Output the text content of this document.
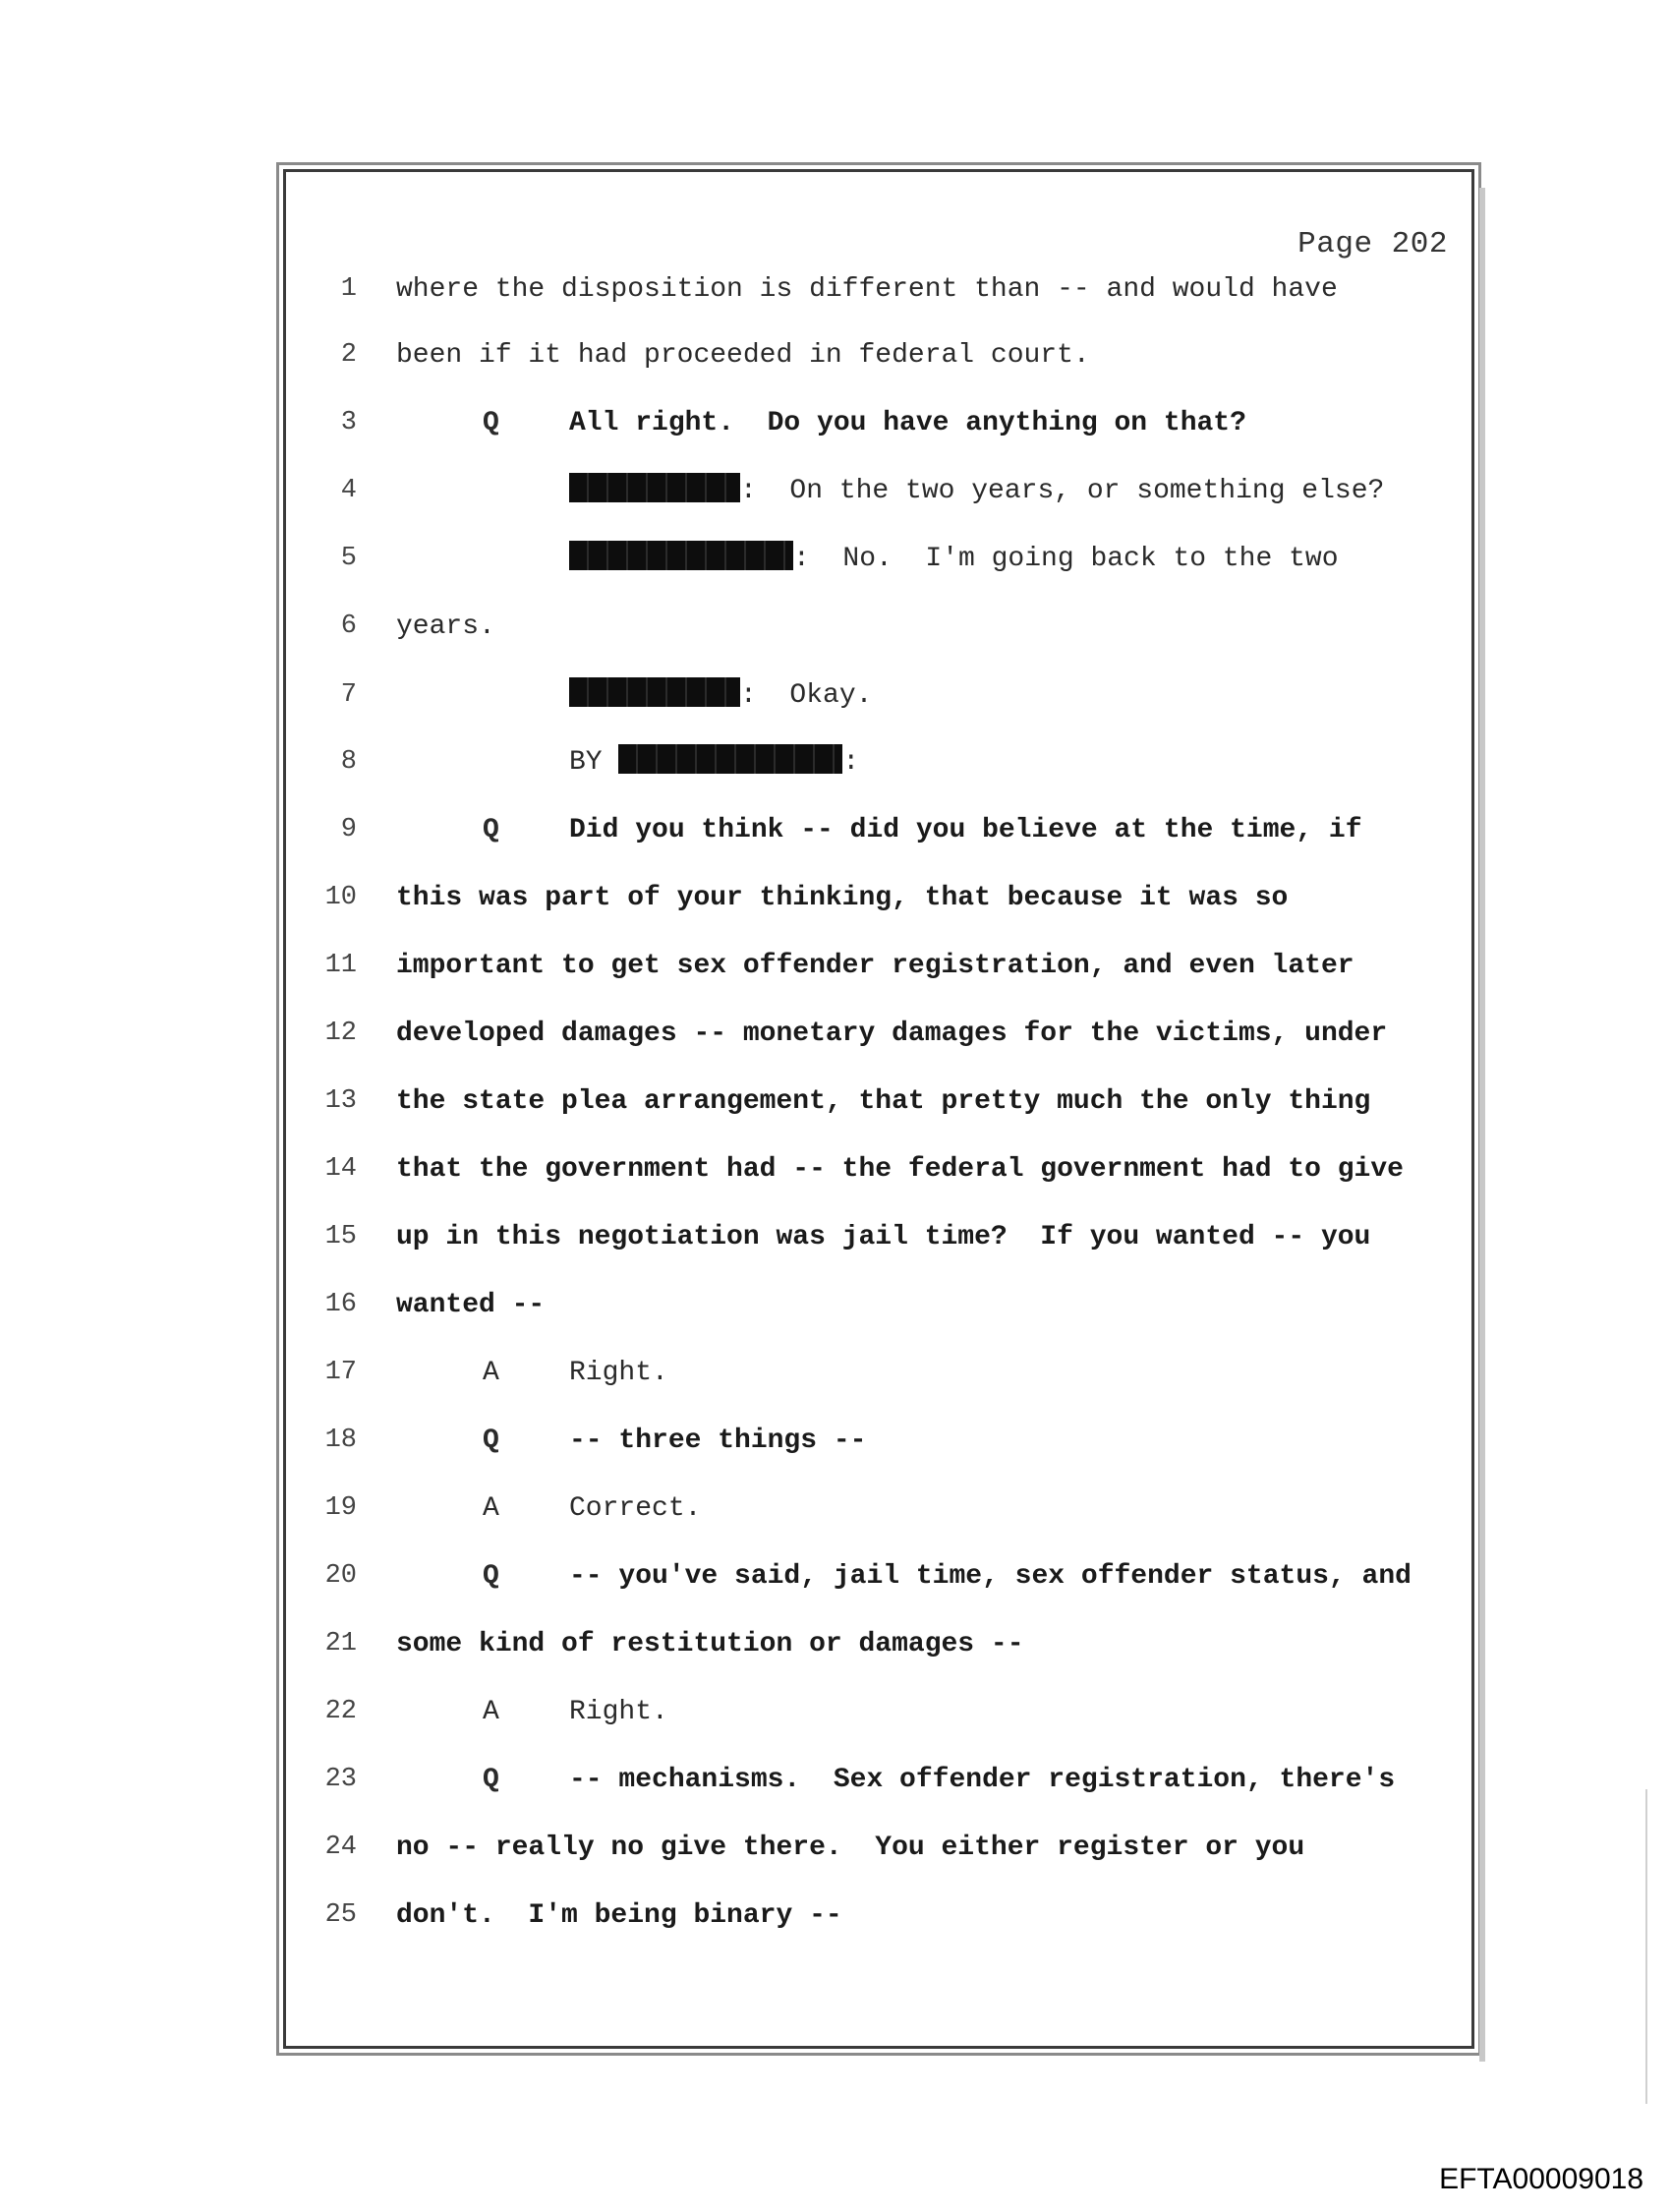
Page 202
1 where the disposition is different than -- and would have
2 been if it had proceeded in federal court.
3	Q	All right.  Do you have anything on that?
4	:  On the two years, or something else?
5	:  No.  I'm going back to the two
6 years.
7	:  Okay.
8	BY	:
9	Q	Did you think -- did you believe at the time, if
10 this was part of your thinking, that because it was so
11 important to get sex offender registration, and even later
12 developed damages -- monetary damages for the victims, under
13 the state plea arrangement, that pretty much the only thing
14 that the government had -- the federal government had to give
15 up in this negotiation was jail time?  If you wanted -- you
16 wanted --
17	A	Right.
18	Q	-- three things --
19	A	Correct.
20	Q	-- you've said, jail time, sex offender status, and
21 some kind of restitution or damages --
22	A	Right.
23	Q	-- mechanisms.  Sex offender registration, there's
24 no -- really no give there.  You either register or you
25 don't.  I'm being binary --
EFTA00009018
